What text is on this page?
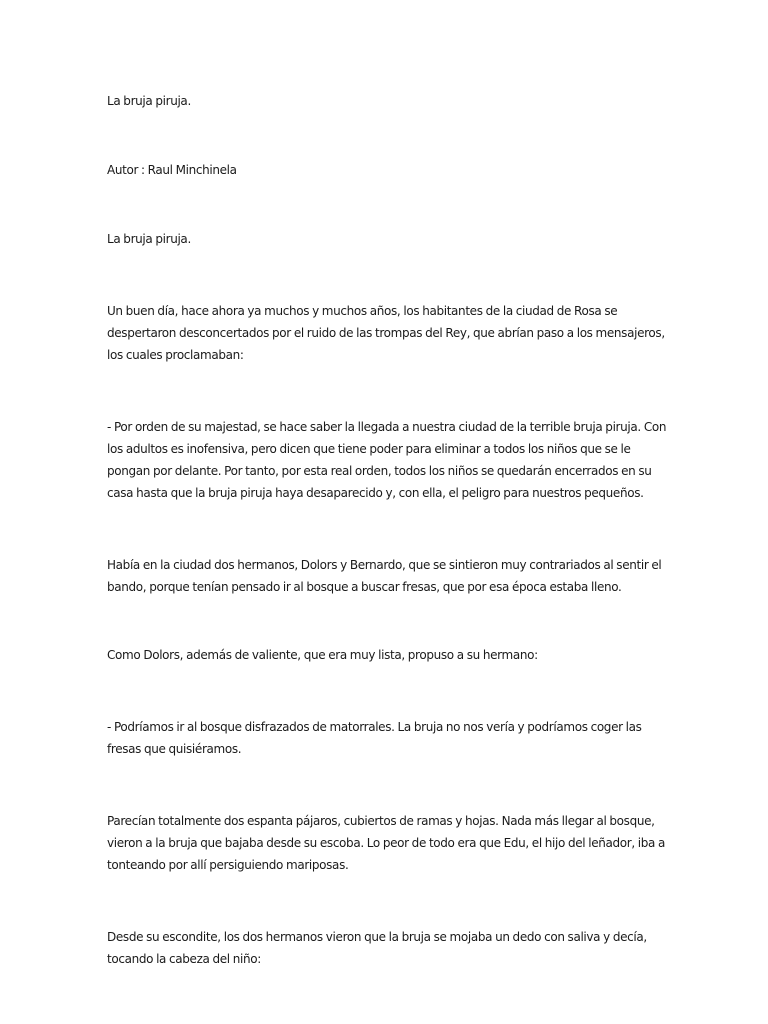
La bruja piruja.

Autor : Raul Minchinela

La bruja piruja.

Un buen día, hace ahora ya muchos y muchos años, los habitantes de la ciudad de Rosa se despertaron desconcertados por el ruido de las trompas del Rey, que abrían paso a los mensajeros, los cuales proclamaban:

- Por orden de su majestad, se hace saber la llegada a nuestra ciudad de la terrible bruja piruja. Con los adultos es inofensiva, pero dicen que tiene poder para eliminar a todos los niños que se le pongan por delante. Por tanto, por esta real orden, todos los niños se quedarán encerrados en su casa hasta que la bruja piruja haya desaparecido y, con ella, el peligro para nuestros pequeños.

Había en la ciudad dos hermanos, Dolors y Bernardo, que se sintieron muy contrariados al sentir el bando, porque tenían pensado ir al bosque a buscar fresas, que por esa época estaba lleno.

Como Dolors, además de valiente, que era muy lista, propuso a su hermano:

- Podríamos ir al bosque disfrazados de matorrales. La bruja no nos vería y podríamos coger las fresas que quisiéramos.

Parecían totalmente dos espanta pájaros, cubiertos de ramas y hojas. Nada más llegar al bosque, vieron a la bruja que bajaba desde su escoba. Lo peor de todo era que Edu, el hijo del leñador, iba a tonteando por allí persiguiendo mariposas.

Desde su escondite, los dos hermanos vieron que la bruja se mojaba un dedo con saliva y decía, tocando la cabeza del niño:
